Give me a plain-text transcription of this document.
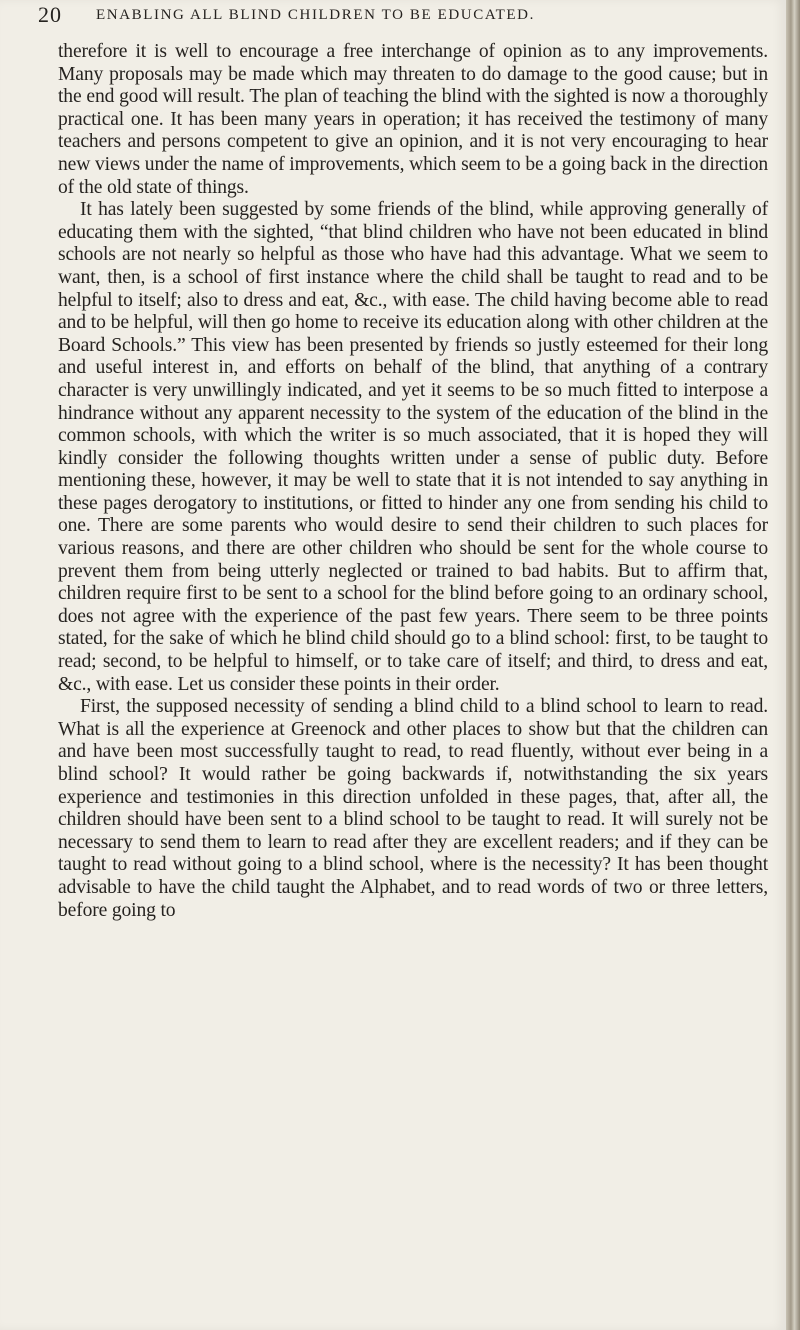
20 ENABLING ALL BLIND CHILDREN TO BE EDUCATED.

therefore it is well to encourage a free interchange of opinion as to any improvements. Many proposals may be made which may threaten to do damage to the good cause; but in the end good will result. The plan of teaching the blind with the sighted is now a thoroughly practical one. It has been many years in operation; it has received the testimony of many teachers and persons competent to give an opinion, and it is not very encouraging to hear new views under the name of improvements, which seem to be a going back in the direction of the old state of things.

It has lately been suggested by some friends of the blind, while approving generally of educating them with the sighted, “that blind children who have not been educated in blind schools are not nearly so helpful as those who have had this advantage. What we seem to want, then, is a school of first instance where the child shall be taught to read and to be helpful to itself; also to dress and eat, &c., with ease. The child having become able to read and to be helpful, will then go home to receive its education along with other children at the Board Schools.” This view has been presented by friends so justly esteemed for their long and useful interest in, and efforts on behalf of the blind, that anything of a contrary character is very unwillingly indicated, and yet it seems to be so much fitted to interpose a hindrance without any apparent necessity to the system of the education of the blind in the common schools, with which the writer is so much associated, that it is hoped they will kindly consider the following thoughts written under a sense of public duty. Before mentioning these, however, it may be well to state that it is not intended to say anything in these pages derogatory to institutions, or fitted to hinder any one from sending his child to one. There are some parents who would desire to send their children to such places for various reasons, and there are other children who should be sent for the whole course to prevent them from being utterly neglected or trained to bad habits. But to affirm that, children require first to be sent to a school for the blind before going to an ordinary school, does not agree with the experience of the past few years. There seem to be three points stated, for the sake of which he blind child should go to a blind school: first, to be taught to read; second, to be helpful to himself, or to take care of itself; and third, to dress and eat, &c., with ease. Let us consider these points in their order.

First, the supposed necessity of sending a blind child to a blind school to learn to read. What is all the experience at Greenock and other places to show but that the children can and have been most successfully taught to read, to read fluently, without ever being in a blind school? It would rather be going backwards if, notwithstanding the six years experience and testimonies in this direction unfolded in these pages, that, after all, the children should have been sent to a blind school to be taught to read. It will surely not be necessary to send them to learn to read after they are excellent readers; and if they can be taught to read without going to a blind school, where is the necessity? It has been thought advisable to have the child taught the Alphabet, and to read words of two or three letters, before going to
